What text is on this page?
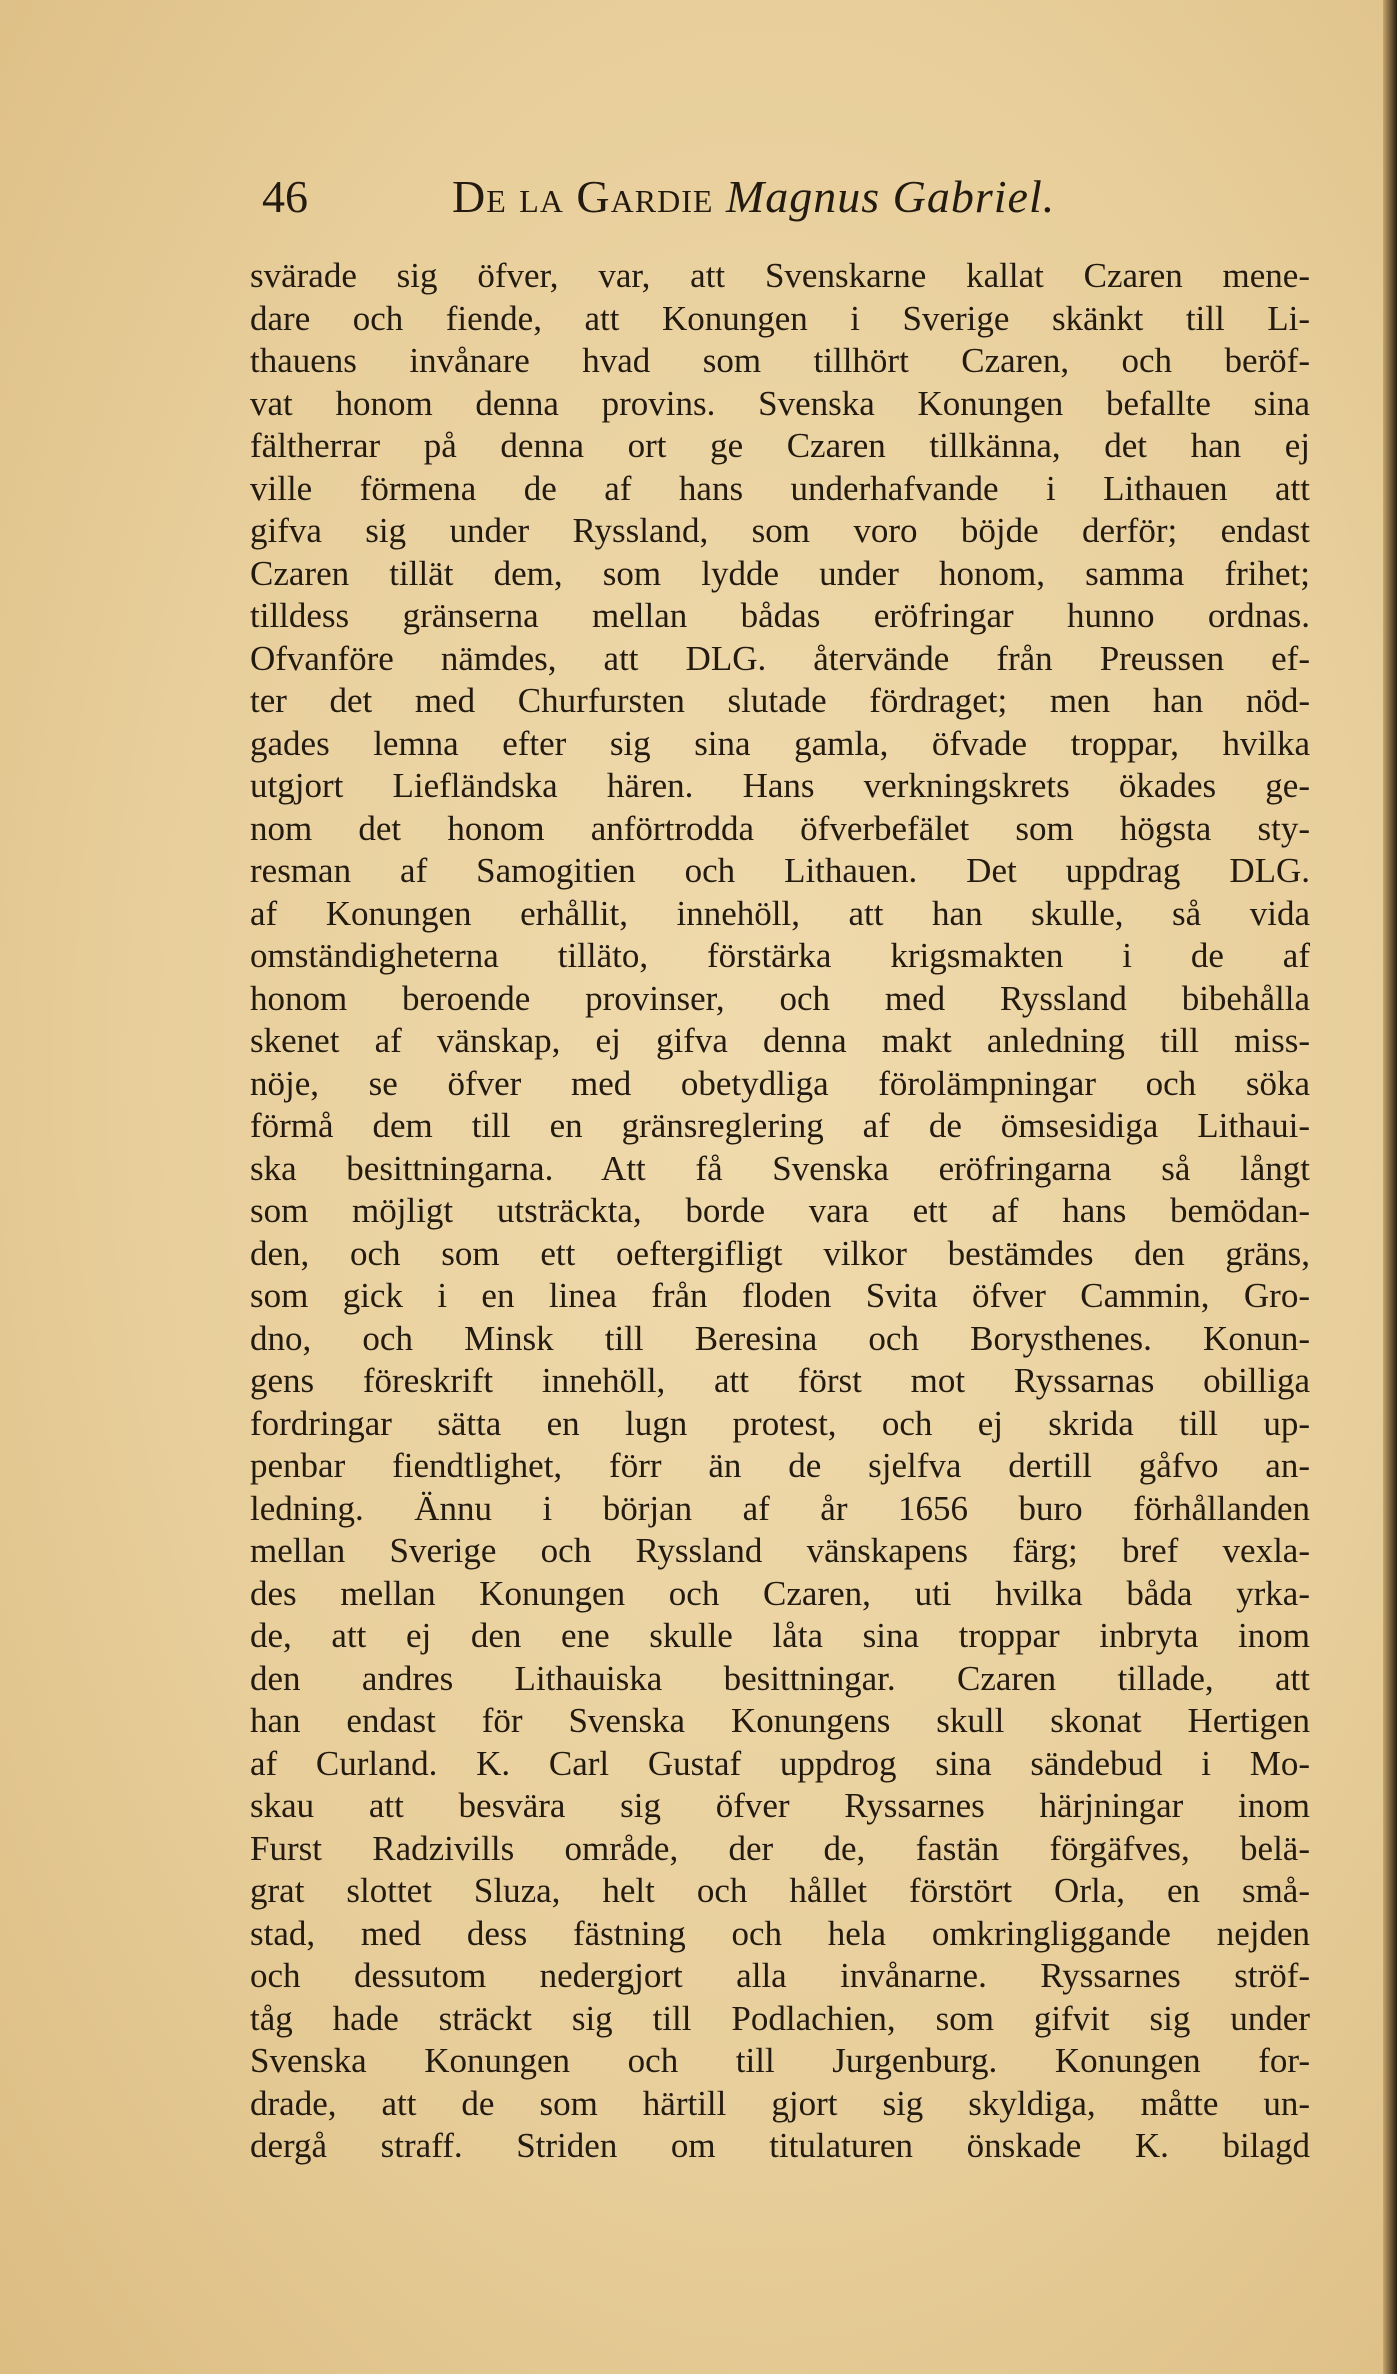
46	De la Gardie Magnus Gabriel.
svärade sig öfver, var, att Svenskarne kallat Czaren mene-
dare och fiende, att Konungen i Sverige skänkt till Li-
thauens invånare hvad som tillhört Czaren, och beröf-
vat honom denna provins. Svenska Konungen befallte sina
fältherrar på denna ort ge Czaren tillkänna, det han ej
ville förmena de af hans underhafvande i Lithauen att
gifva sig under Ryssland, som voro böjde derför; endast
Czaren tillät dem, som lydde under honom, samma frihet;
tilldess gränserna mellan bådas eröfringar hunno ordnas.
Ofvanföre nämdes, att DLG. återvände från Preussen ef-
ter det med Churfursten slutade fördraget; men han nöd-
gades lemna efter sig sina gamla, öfvade troppar, hvilka
utgjort Liefländska hären. Hans verkningskrets ökades ge-
nom det honom anförtrodda öfverbefälet som högsta sty-
resman af Samogitien och Lithauen. Det uppdrag DLG.
af Konungen erhållit, innehöll, att han skulle, så vida
omständigheterna tilläto, förstärka krigsmakten i de af
honom beroende provinser, och med Ryssland bibehålla
skenet af vänskap, ej gifva denna makt anledning till miss-
nöje, se öfver med obetydliga förolämpningar och söka
förmå dem till en gränsreglering af de ömsesidiga Lithaui-
ska besittningarna. Att få Svenska eröfringarna så långt
som möjligt utsträckta, borde vara ett af hans bemödan-
den, och som ett oeftergifligt vilkor bestämdes den gräns,
som gick i en linea från floden Svita öfver Cammin, Gro-
dno, och Minsk till Beresina och Borysthenes. Konun-
gens föreskrift innehöll, att först mot Ryssarnas obilliga
fordringar sätta en lugn protest, och ej skrida till up-
penbar fiendtlighet, förr än de sjelfva dertill gåfvo an-
ledning. Ännu i början af år 1656 buro förhållanden
mellan Sverige och Ryssland vänskapens färg; bref vexla-
des mellan Konungen och Czaren, uti hvilka båda yrka-
de, att ej den ene skulle låta sina troppar inbryta inom
den andres Lithauiska besittningar. Czaren tillade, att
han endast för Svenska Konungens skull skonat Hertigen
af Curland. K. Carl Gustaf uppdrog sina sändebud i Mo-
skau att besvära sig öfver Ryssarnes härjningar inom
Furst Radzivills område, der de, fastän förgäfves, belä-
grat slottet Sluza, helt och hållet förstört Orla, en små-
stad, med dess fästning och hela omkringliggande nejden
och dessutom nedergjort alla invånarne. Ryssarnes ströf-
tåg hade sträckt sig till Podlachien, som gifvit sig under
Svenska Konungen och till Jurgenburg. Konungen for-
drade, att de som härtill gjort sig skyldiga, måtte un-
dergå straff. Striden om titulaturen önskade K. bilagd
